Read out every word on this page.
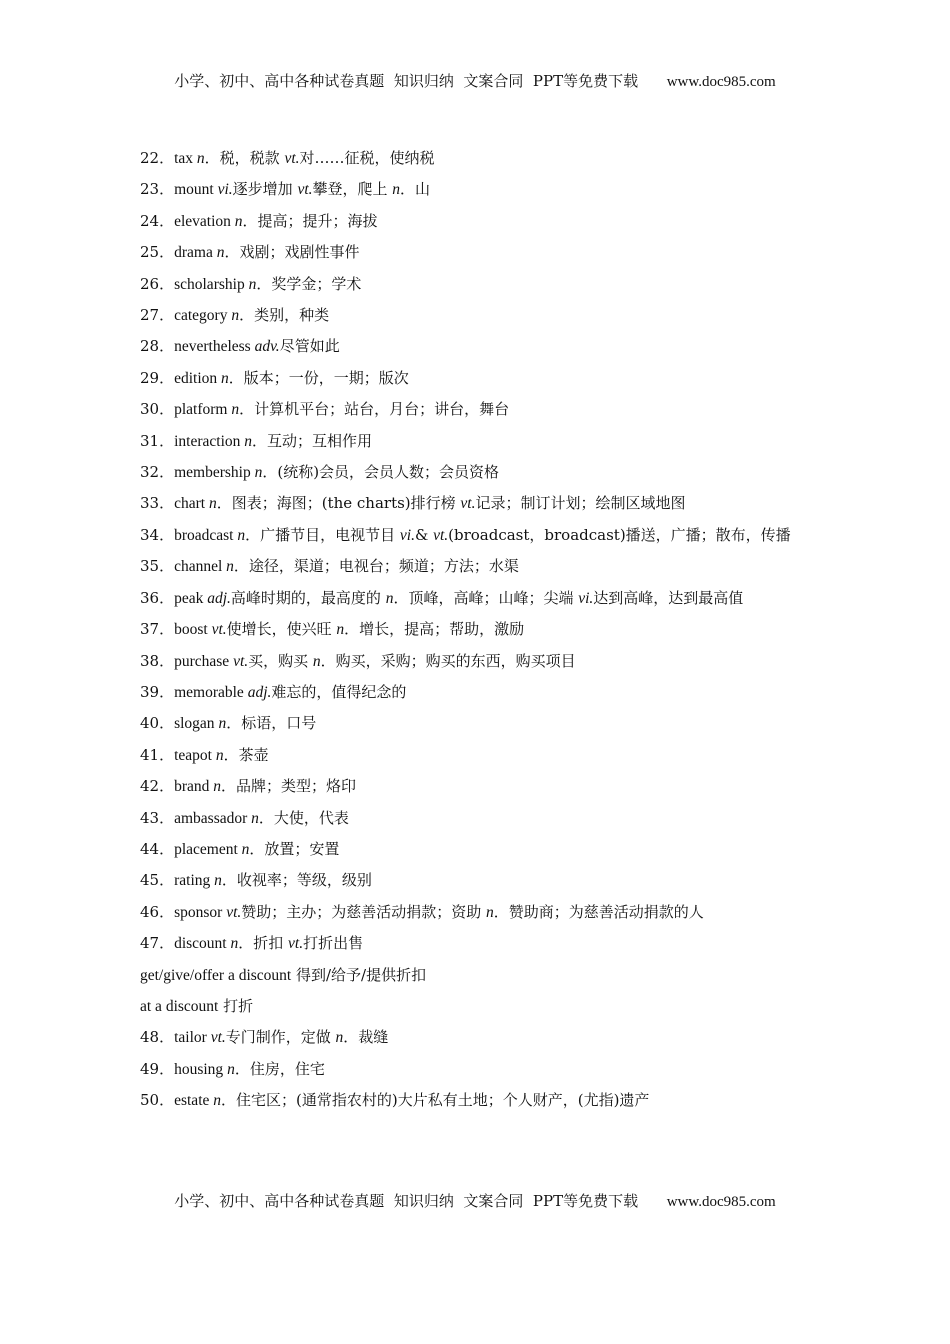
小学、初中、高中各种试卷真题  知识归纳  文案合同  PPT等免费下载 www.doc985.com
22．tax n．税，税款 vt.对……征税，使纳税
23．mount vi.逐步增加 vt.攀登，爬上 n．山
24．elevation n．提高；提升；海拔
25．drama n．戏剧；戏剧性事件
26．scholarship n．奖学金；学术
27．category n．类别，种类
28．nevertheless adv.尽管如此
29．edition n．版本；一份，一期；版次
30．platform n．计算机平台；站台，月台；讲台，舞台
31．interaction n．互动；互相作用
32．membership n．(统称)会员，会员人数；会员资格
33．chart n．图表；海图；(the charts)排行榜 vt.记录；制订计划；绘制区域地图
34．broadcast n．广播节目，电视节目 vi.& vt.(broadcast，broadcast)播送，广播；散布，传播
35．channel n．途径，渠道；电视台；频道；方法；水渠
36．peak adj.高峰时期的，最高度的 n．顶峰，高峰；山峰；尖端 vi.达到高峰，达到最高值
37．boost vt.使增长，使兴旺 n．增长，提高；帮助，激励
38．purchase vt.买，购买 n．购买，采购；购买的东西，购买项目
39．memorable adj.难忘的，值得纪念的
40．slogan n．标语，口号
41．teapot n．茶壶
42．brand n．品牌；类型；烙印
43．ambassador n．大使，代表
44．placement n．放置；安置
45．rating n．收视率；等级，级别
46．sponsor vt.赞助；主办；为慈善活动捐款；资助 n．赞助商；为慈善活动捐款的人
47．discount n．折扣 vt.打折出售
get/give/offer a discount 得到/给予/提供折扣
at a discount 打折
48．tailor vt.专门制作，定做 n．裁缝
49．housing n．住房，住宅
50．estate n．住宅区；(通常指农村的)大片私有土地；个人财产，(尤指)遗产
小学、初中、高中各种试卷真题  知识归纳  文案合同  PPT等免费下载 www.doc985.com
